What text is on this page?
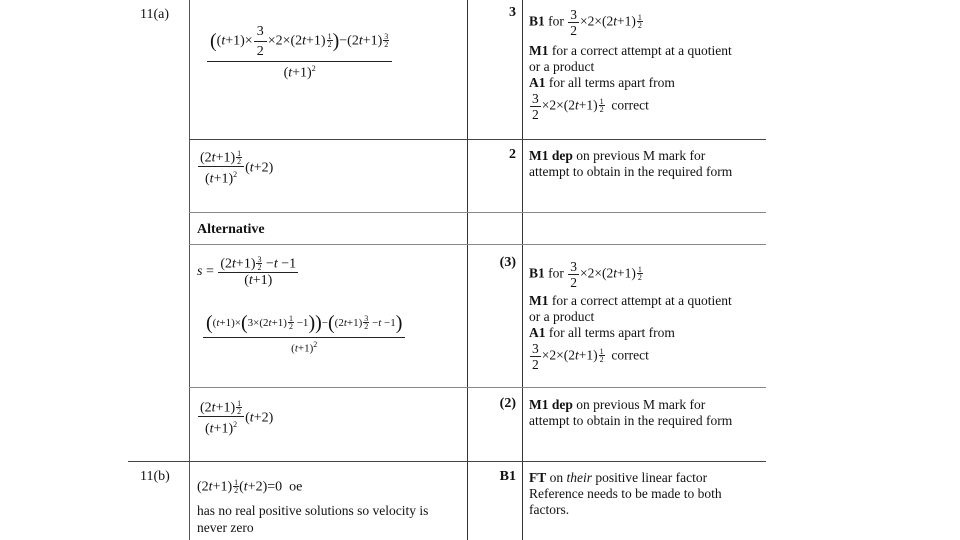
11(a)
11(b)
$\frac{((t+1)\times \frac{3}{2} \times 2\times(2t+1) \frac{1}{2} )-(2t+1) \frac{3}{2}}{(t+1)^2}$
3
B1 for $\frac{3}{2} \times 2\times(2t+1) \frac{1}{2}$
M1 for a correct attempt at a quotient
or a product
A1 for all terms apart from
$\frac{3}{2} \times 2\times(2t+1) \frac{1}{2}$ correct
$\frac{(2t+1) \frac{1}{2}}{(t+1)^2} (t+2)$
2 M1 dep on previous M mark for
attempt to obtain in the required form
Alternative
$s = \frac{(2t+1) \frac{3}{2} -t -1}{(t+1)}$
$\frac{((t+1)\times(3\times(2t+1) \frac{1}{2} -1))-((2t+1) \frac{3}{2} -t -1)}{(t+1)^2}$
(3)
B1 for $\frac{3}{2} \times 2\times(2t+1) \frac{1}{2}$
M1 for a correct attempt at a quotient
or a product
A1 for all terms apart from
$\frac{3}{2} \times 2\times(2t+1) \frac{1}{2}$ correct
$\frac{(2t+1) \frac{1}{2}}{(t+1)^2} (t+2)$
(2) M1 dep on previous M mark for
attempt to obtain in the required form
$(2t+1) \frac{1}{2} (t+2)=0$  oe
has no real positive solutions so velocity is
never zero
B1 FT on their positive linear factor
Reference needs to be made to both
factors.
